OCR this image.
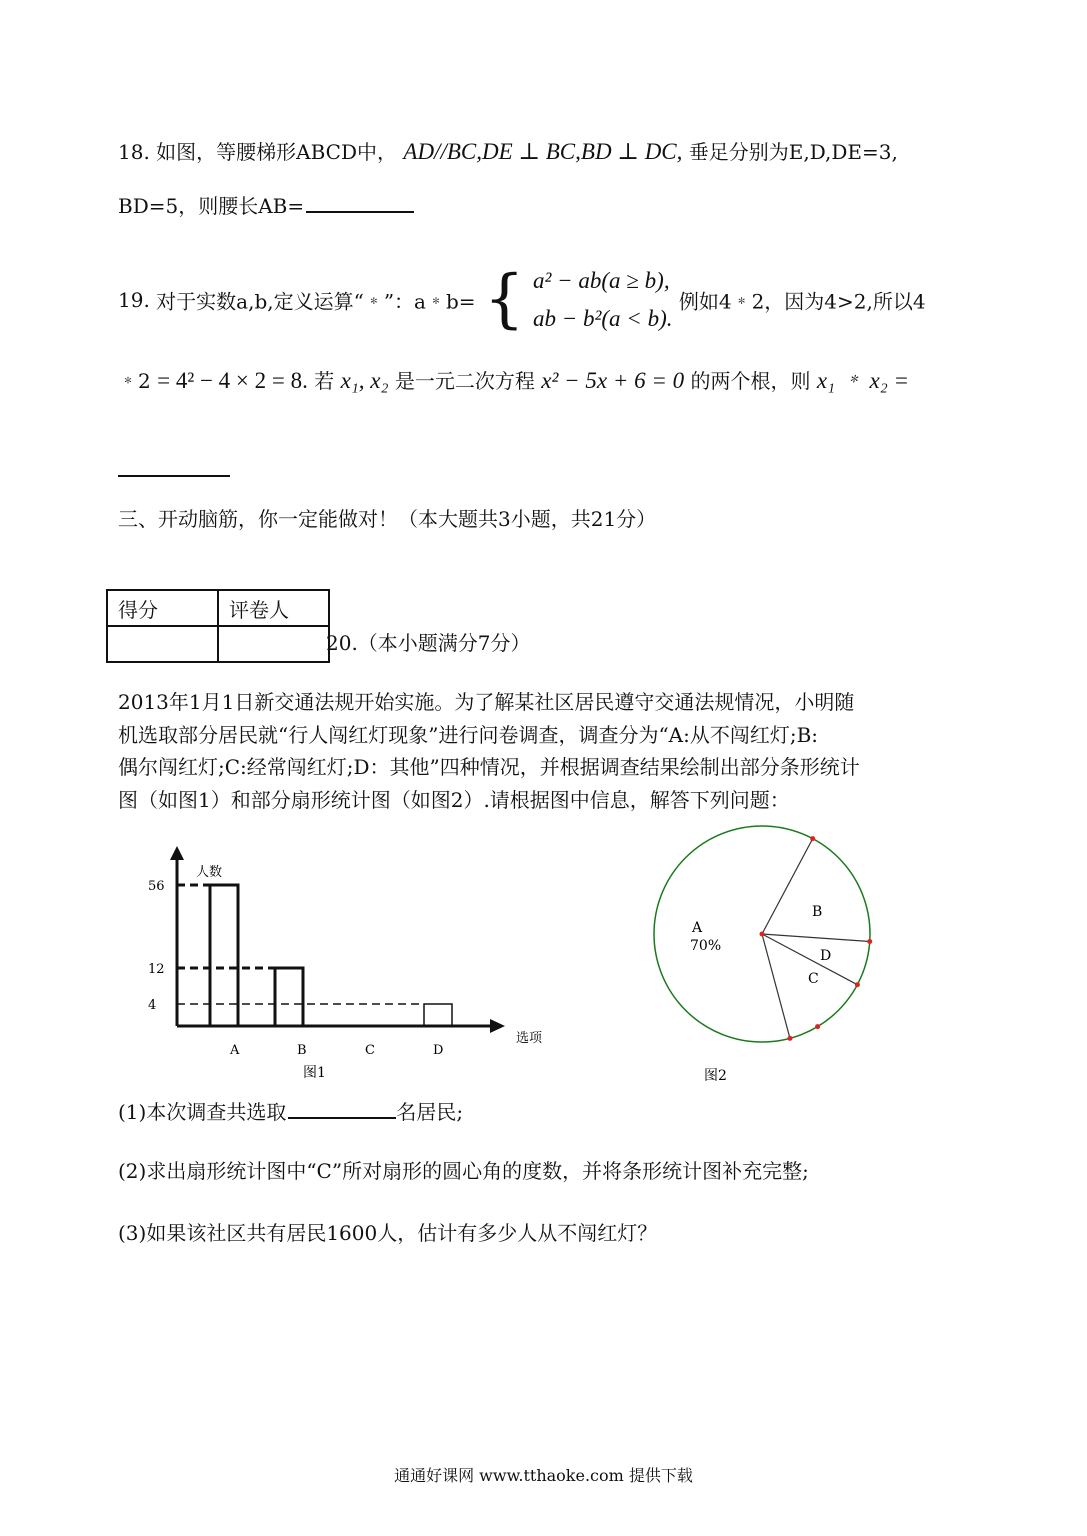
18. 如图，等腰梯形ABCD中， AD//BC,DE ⊥ BC,BD ⊥ DC, 垂足分别为E,D,DE=3,
BD=5，则腰长AB=
19. 对于实数a,b,定义运算“﹡”：a﹡b= { a² − ab(a ≥ b),
ab − b²(a < b).
例如4﹡2，因为4>2,所以4
﹡2 = 4² − 4 × 2 = 8. 若 x₁, x₂ 是一元二次方程 x² − 5x + 6 = 0 的两个根，则 x₁ ﹡ x₂ =
三、开动脑筋，你一定能做对！（本大题共3小题，共21分）
得分	评卷人

20.（本小题满分7分）
2013年1月1日新交通法规开始实施。为了解某社区居民遵守交通法规情况，小明随
机选取部分居民就“行人闯红灯现象”进行问卷调查，调查分为“A:从不闯红灯;B:
偶尔闯红灯;C:经常闯红灯;D：其他”四种情况，并根据调查结果绘制出部分条形统计
图（如图1）和部分扇形统计图（如图2）.请根据图中信息，解答下列问题：
人数
选项
4
12
56
A	B	C	D
图1
A
70%
B
D
C
图2
(1)本次调查共选取	名居民;
(2)求出扇形统计图中“C”所对扇形的圆心角的度数，并将条形统计图补充完整;
(3)如果该社区共有居民1600人，估计有多少人从不闯红灯？
通通好课网 www.tthaoke.com 提供下载
